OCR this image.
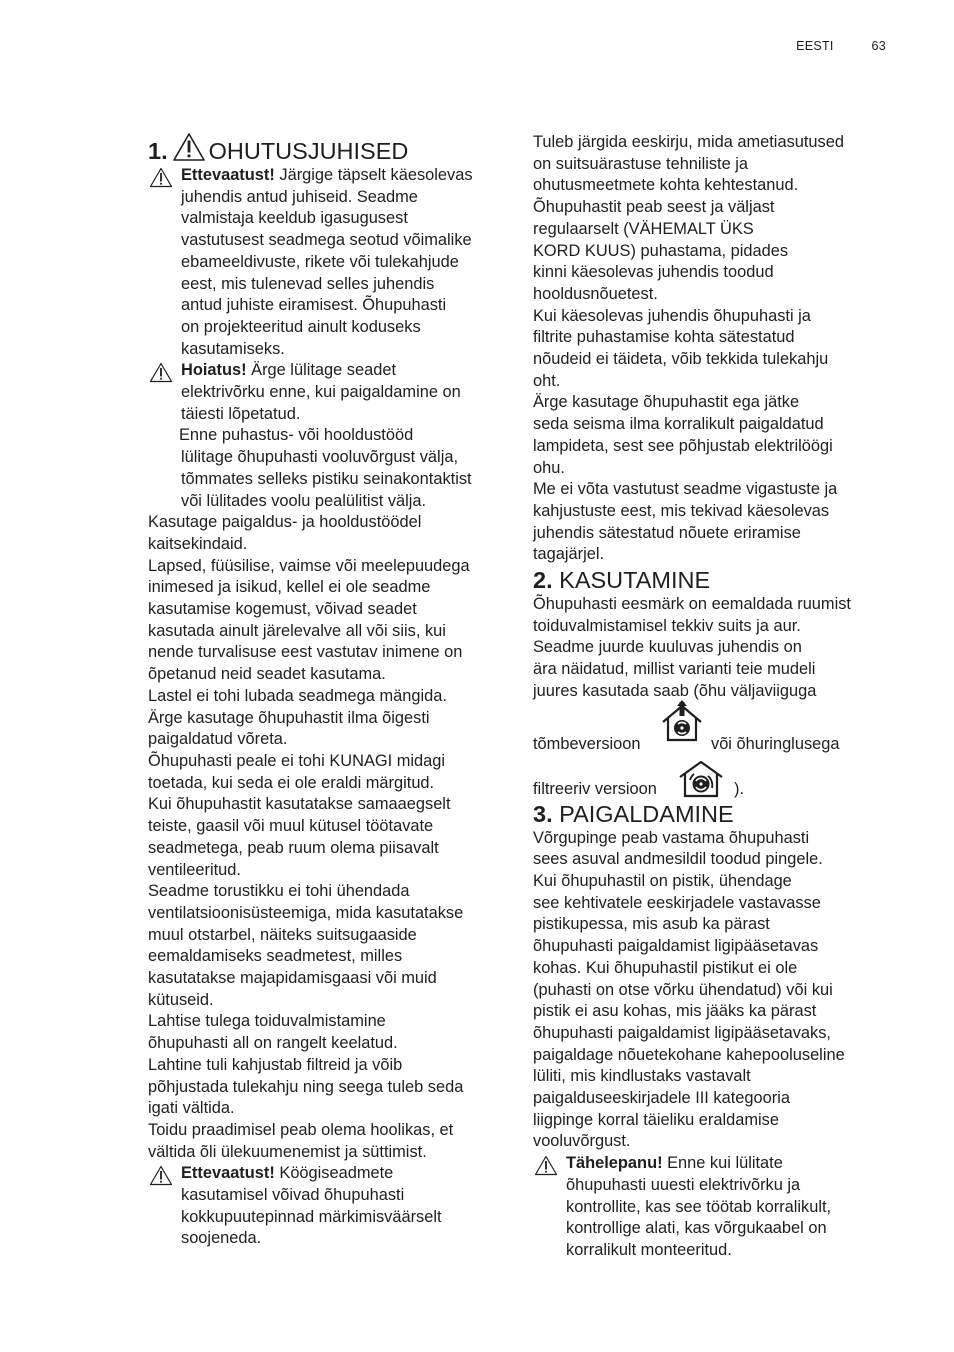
EESTI	63
1. OHUTUSJUHISED
Ettevaatust! Järgige täpselt käesolevas
juhendis antud juhiseid. Seadme
valmistaja keeldub igasugusest
vastutusest seadmega seotud võimalike
ebameeldivuste, rikete või tulekahjude
eest, mis tulenevad selles juhendis
antud juhiste eiramisest. Õhupuhasti
on projekteeritud ainult koduseks
kasutamiseks.
Hoiatus! Ärge lülitage seadet
elektrivõrku enne, kui paigaldamine on
täiesti lõpetatud.
Enne puhastus- või hooldustööd
lülitage õhupuhasti vooluvõrgust välja,
tõmmates selleks pistiku seinakontaktist
või lülitades voolu pealülitist välja.
Kasutage paigaldus- ja hooldustöödel
kaitsekindaid.
Lapsed, füüsilise, vaimse või meelepuudega
inimesed ja isikud, kellel ei ole seadme
kasutamise kogemust, võivad seadet
kasutada ainult järelevalve all või siis, kui
nende turvalisuse eest vastutav inimene on
õpetanud neid seadet kasutama.
Lastel ei tohi lubada seadmega mängida.
Ärge kasutage õhupuhastit ilma õigesti
paigaldatud võreta.
Õhupuhasti peale ei tohi KUNAGI midagi
toetada, kui seda ei ole eraldi märgitud.
Kui õhupuhastit kasutatakse samaaegselt
teiste, gaasil või muul kütusel töötavate
seadmetega, peab ruum olema piisavalt
ventileeritud.
Seadme torustikku ei tohi ühendada
ventilatsioonisüsteemiga, mida kasutatakse
muul otstarbel, näiteks suitsugaaside
eemaldamiseks seadmetest, milles
kasutatakse majapidamisgaasi või muid
kütuseid.
Lahtise tulega toiduvalmistamine
õhupuhasti all on rangelt keelatud.
Lahtine tuli kahjustab filtreid ja võib
põhjustada tulekahju ning seega tuleb seda
igati vältida.
Toidu praadimisel peab olema hoolikas, et
vältida õli ülekuumenemist ja süttimist.
Ettevaatust! Köögiseadmete
kasutamisel võivad õhupuhasti
kokkupuutepinnad märkimisväärselt
soojeneda.
Tuleb järgida eeskirju, mida ametiasutused
on suitsuärastuse tehniliste ja
ohutusmeetmete kohta kehtestanud.
Õhupuhastit peab seest ja väljast
regulaarselt (VÄHEMALT ÜKS
KORD KUUS) puhastama, pidades
kinni käesolevas juhendis toodud
hooldusnõuetest.
Kui käesolevas juhendis õhupuhasti ja
filtrite puhastamise kohta sätestatud
nõudeid ei täideta, võib tekkida tulekahju
oht.
Ärge kasutage õhupuhastit ega jätke
seda seisma ilma korralikult paigaldatud
lampideta, sest see põhjustab elektrilöögi
ohu.
Me ei võta vastutust seadme vigastuste ja
kahjustuste eest, mis tekivad käesolevas
juhendis sätestatud nõuete eriramise
tagajärjel.
2. KASUTAMINE
Õhupuhasti eesmärk on eemaldada ruumist
toiduvalmistamisel tekkiv suits ja aur.
Seadme juurde kuuluvas juhendis on
ära näidatud, millist varianti teie mudeli
juures kasutada saab (õhu väljaviiguga
tõmbeversioon	või õhuringlusega
filtreeriv versioon	).
3. PAIGALDAMINE
Võrgupinge peab vastama õhupuhasti
sees asuval andmesildil toodud pingele.
Kui õhupuhastil on pistik, ühendage
see kehtivatele eeskirjadele vastavasse
pistikupessa, mis asub ka pärast
õhupuhasti paigaldamist ligipääsetavas
kohas. Kui õhupuhastil pistikut ei ole
(puhasti on otse võrku ühendatud) või kui
pistik ei asu kohas, mis jääks ka pärast
õhupuhasti paigaldamist ligipääsetavaks,
paigaldage nõuetekohane kahepooluseline
lüliti, mis kindlustaks vastavalt
paigalduseeskirjadele III kategooria
liigpinge korral täieliku eraldamise
vooluvõrgust.
Tähelepanu! Enne kui lülitate
õhupuhasti uuesti elektrivõrku ja
kontrollite, kas see töötab korralikult,
kontrollige alati, kas võrgukaabel on
korralikult monteeritud.
